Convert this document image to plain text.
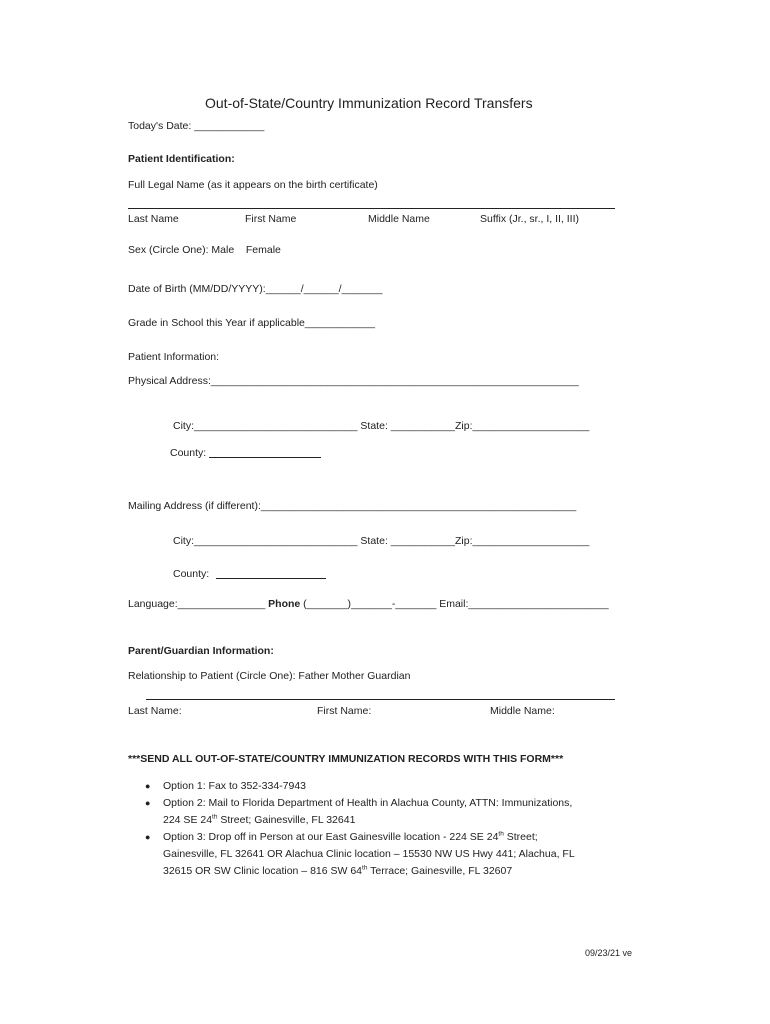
Out-of-State/Country Immunization Record Transfers
Today's Date: ____________
Patient Identification:
Full Legal Name (as it appears on the birth certificate)
Last Name	First Name	Middle Name	Suffix (Jr., sr., I, II, III)
Sex (Circle One): Male    Female
Date of Birth (MM/DD/YYYY):______/______/_______
Grade in School this Year if applicable____________
Patient Information:
Physical Address:_______________________________________________________________
City:____________________________ State: ___________Zip:____________________
County:
Mailing Address (if different):______________________________________________________
City:____________________________ State: ___________Zip:____________________
County:
Language:_______________ Phone (_______)_______-_______ Email:________________________
Parent/Guardian Information:
Relationship to Patient (Circle One): Father Mother Guardian
Last Name:	First Name:	Middle Name:
***SEND ALL OUT-OF-STATE/COUNTRY IMMUNIZATION RECORDS WITH THIS FORM***
● Option 1: Fax to 352-334-7943
● Option 2: Mail to Florida Department of Health in Alachua County, ATTN: Immunizations,
224 SE 24th Street; Gainesville, FL 32641
● Option 3: Drop off in Person at our East Gainesville location - 224 SE 24th Street;
Gainesville, FL 32641 OR Alachua Clinic location – 15530 NW US Hwy 441; Alachua, FL
32615 OR SW Clinic location – 816 SW 64th Terrace; Gainesville, FL 32607
09/23/21 ve
